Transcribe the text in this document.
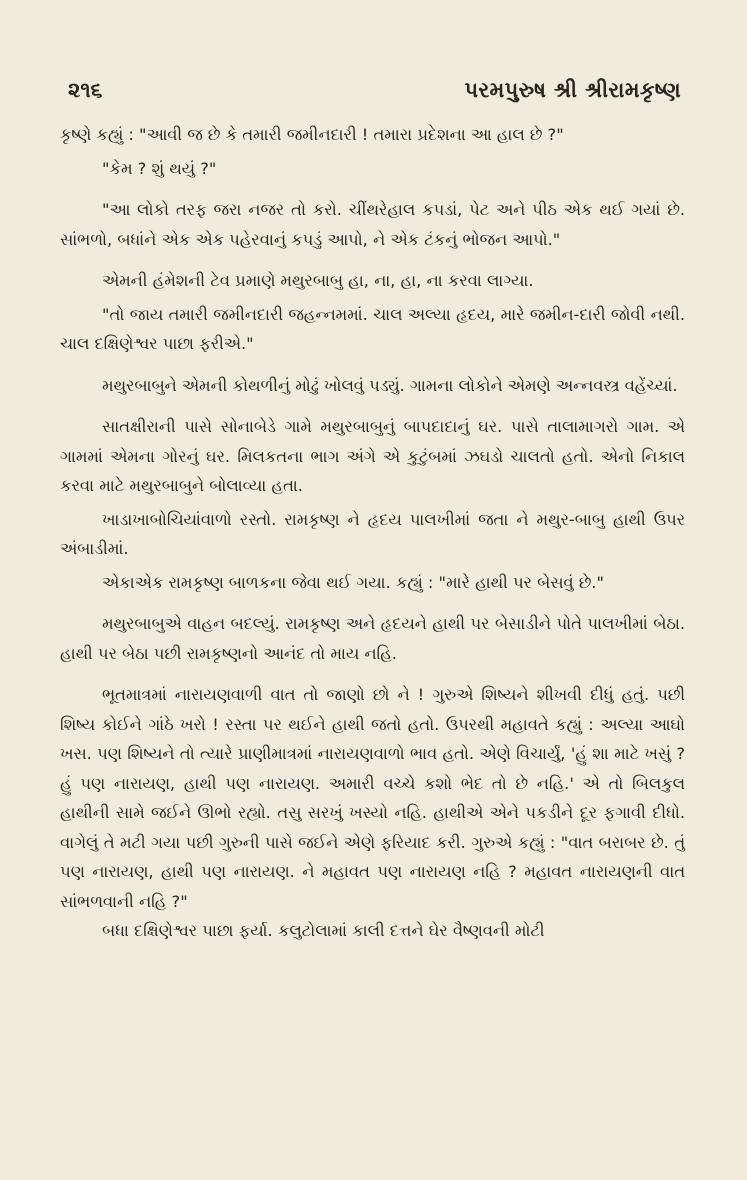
૨૧૬	પરમપુરુષ શ્રી શ્રીરામકૃષ્ણ

કૃષ્ણે કહ્યું : "આવી જ છે કે તમારી જમીનદારી ! તમારા પ્રદેશના આ હાલ છે ?"

"કેમ ? શું થયું ?"

"આ લોકો તરફ જરા નજર તો કરો. ચીંથરેહાલ કપડાં, પેટ અને પીઠ એક થઈ ગયાં છે. સાંભળો, બધાંને એક એક પહેરવાનું કપડું આપો, ને એક ટંકનું ભોજન આપો."

એમની હંમેશની ટેવ પ્રમાણે મથુરબાબુ હા, ના, હા, ના કરવા લાગ્યા.

"તો જાય તમારી જમીનદારી જહન્નમમાં. ચાલ અલ્યા હૃદય, મારે જમીન-દારી જોવી નથી. ચાલ દક્ષિણેશ્વર પાછા ફરીએ."

મથુરબાબુને એમની કોથળીનું મોઢું ખોલવું પડ્યું. ગામના લોકોને એમણે અન્નવસ્ત્ર વહેંચ્યાં.

સાતક્ષીરાની પાસે સોનાબેડે ગામે મથુરબાબુનું બાપદાદાનું ઘર. પાસે તાલામાગરો ગામ. એ ગામમાં એમના ગોરનું ઘર. મિલકતના ભાગ અંગે એ કુટુંબમાં ઝઘડો ચાલતો હતો. એનો નિકાલ કરવા માટે મથુરબાબુને બોલાવ્યા હતા.

ખાડાખાબોચિયાંવાળો રસ્તો. રામકૃષ્ણ ને હૃદય પાલખીમાં જતા ને મથુર-બાબુ હાથી ઉપર અંબાડીમાં.

એકાએક રામકૃષ્ણ બાળકના જેવા થઈ ગયા. કહ્યું : "મારે હાથી પર બેસવું છે."

મથુરબાબુએ વાહન બદલ્યું. રામકૃષ્ણ અને હૃદયને હાથી પર બેસાડીને પોતે પાલખીમાં બેઠા. હાથી પર બેઠા પછી રામકૃષ્ણનો આનંદ તો માય નહિ.

ભૂતમાત્રમાં નારાયણવાળી વાત તો જાણો છો ને ! ગુરુએ શિષ્યને શીખવી દીધું હતું. પછી શિષ્ય કોઈને ગાંઠે ખરો ! રસ્તા પર થઈને હાથી જતો હતો. ઉપરથી મહાવતે કહ્યું : અલ્યા આઘો ખસ. પણ શિષ્યને તો ત્યારે પ્રાણીમાત્રમાં નારાયણવાળો ભાવ હતો. એણે વિચાર્યું, 'હું શા માટે ખસું ? હું પણ નારાયણ, હાથી પણ નારાયણ. અમારી વચ્ચે કશો ભેદ તો છે નહિ.' એ તો બિલકુલ હાથીની સામે જઈને ઊભો રહ્યો. તસુ સરખું ખસ્યો નહિ. હાથીએ એને પકડીને દૂર ફગાવી દીધો. વાગેલું તે મટી ગયા પછી ગુરુની પાસે જઈને એણે ફરિયાદ કરી. ગુરુએ કહ્યું : "વાત બરાબર છે. તું પણ નારાયણ, હાથી પણ નારાયણ. ને મહાવત પણ નારાયણ નહિ ? મહાવત નારાયણની વાત સાંભળવાની નહિ ?"

બધા દક્ષિણેશ્વર પાછા ફર્યા. કલુટોલામાં કાલી દત્તને ઘેર વૈષ્ણવની મોટી
